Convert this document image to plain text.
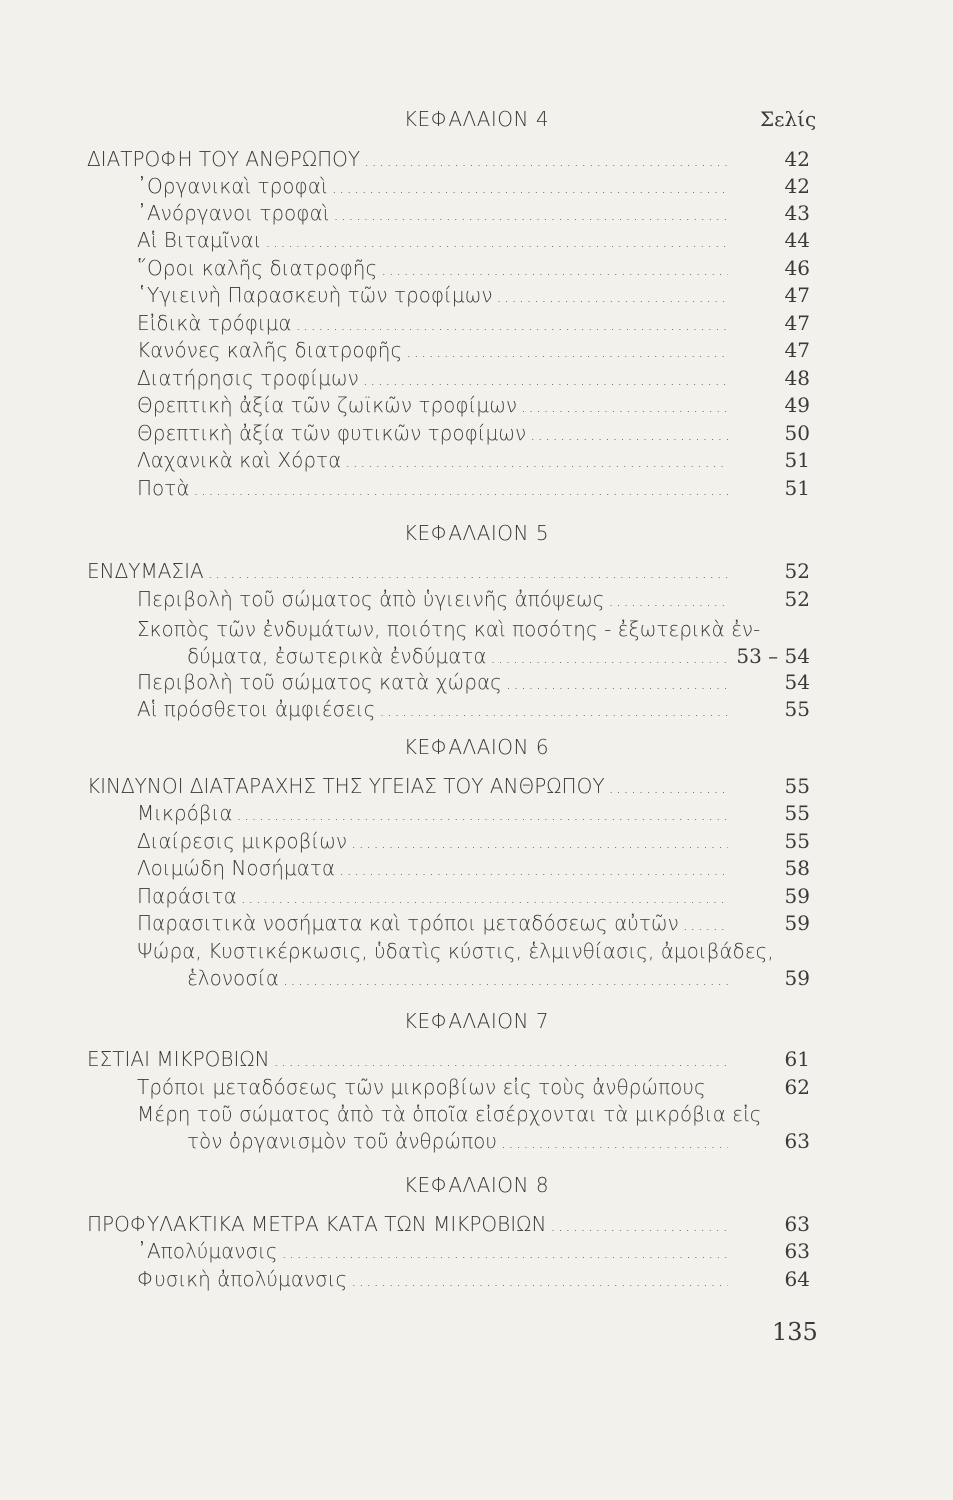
ΚΕΦΑΛΑΙΟΝ 4	Σελίς
ΔΙΑΤΡΟΦΗ ΤΟΥ ΑΝΘΡΩΠΟΥ .....	42
᾿Οργανικαὶ τροφαὶ .....	42
᾿Ανόργανοι τροφαὶ .....	43
Αἱ Βιταμῖναι .....	44
῞Οροι καλῆς διατροφῆς .....	46
῾Υγιεινὴ Παρασκευὴ τῶν τροφίμων .....	47
Εἰδικὰ τρόφιμα .....	47
Κανόνες καλῆς διατροφῆς .....	47
Διατήρησις τροφίμων .....	48
Θρεπτικὴ ἀξία τῶν ζωϊκῶν τροφίμων .....	49
Θρεπτικὴ ἀξία τῶν φυτικῶν τροφίμων .....	50
Λαχανικὰ καὶ Χόρτα .....	51
Ποτὰ .....	51
ΚΕΦΑΛΑΙΟΝ 5
ΕΝΔΥΜΑΣΙΑ .....	52
Περιβολὴ τοῦ σώματος ἀπὸ ὑγιεινῆς ἀπόψεως .....	52
Σκοπὸς τῶν ἐνδυμάτων, ποιότης καὶ ποσότης - ἐξωτερικὰ ἐν-
δύματα, ἐσωτερικὰ ἐνδύματα .....	53 – 54
Περιβολὴ τοῦ σώματος κατὰ χώρας .....	54
Αἱ πρόσθετοι ἀμφιέσεις .....	55
ΚΕΦΑΛΑΙΟΝ 6
ΚΙΝΔΥΝΟΙ ΔΙΑΤΑΡΑΧΗΣ ΤΗΣ ΥΓΕΙΑΣ ΤΟΥ ΑΝΘΡΩΠΟΥ .....	55
Μικρόβια .....	55
Διαίρεσις μικροβίων .....	55
Λοιμώδη Νοσήματα .....	58
Παράσιτα .....	59
Παρασιτικὰ νοσήματα καὶ τρόποι μεταδόσεως αὐτῶν .....	59
Ψώρα, Κυστικέρκωσις, ὑδατὶς κύστις, ἑλμινθίασις, ἀμοιβάδες,
ἑλονοσία .....	59
ΚΕΦΑΛΑΙΟΝ 7
ΕΣΤΙΑΙ ΜΙΚΡΟΒΙΩΝ .....	61
Τρόποι μεταδόσεως τῶν μικροβίων εἰς τοὺς ἀνθρώπους	62
Μέρη τοῦ σώματος ἀπὸ τὰ ὁποῖα εἰσέρχονται τὰ μικρόβια εἰς
τὸν ὀργανισμὸν τοῦ ἀνθρώπου .....	63
ΚΕΦΑΛΑΙΟΝ 8
ΠΡΟΦΥΛΑΚΤΙΚΑ ΜΕΤΡΑ ΚΑΤΑ ΤΩΝ ΜΙΚΡΟΒΙΩΝ .....	63
᾿Απολύμανσις .....	63
Φυσικὴ ἀπολύμανσις .....	64
135
